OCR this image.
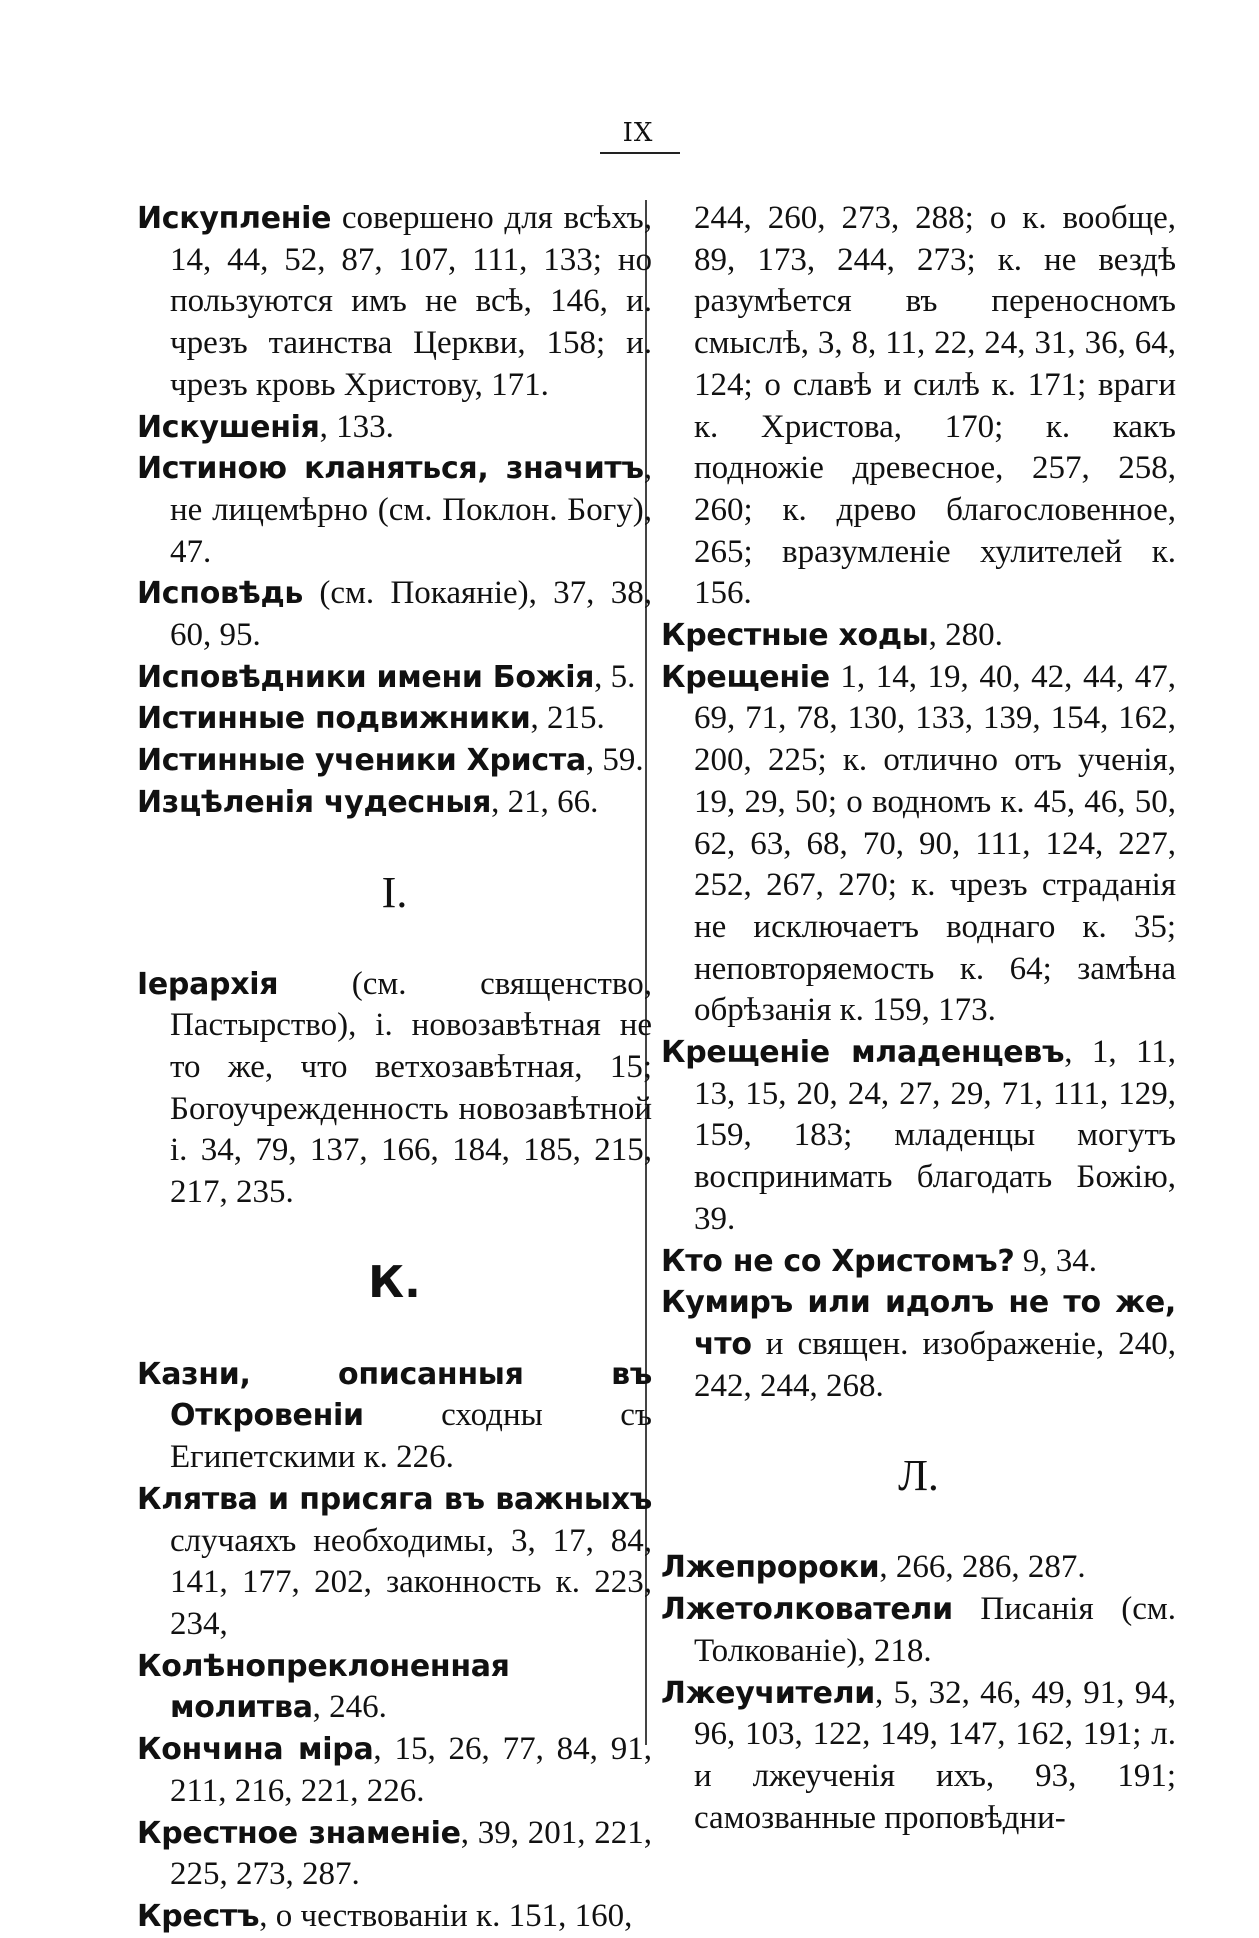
IX

Искупленіе совершено для всѣхъ, 14, 44, 52, 87, 107, 111, 133; но пользуются имъ не всѣ, 146, и. чрезъ таинства Церкви, 158; и. чрезъ кровь Христову, 171.

Искушенія, 133.

Истиною кланяться, значитъ, не лицемѣрно (см. Поклон. Богу), 47.

Исповѣдь (см. Покаяніе), 37, 38, 60, 95.

Исповѣдники имени Божія, 5.

Истинные подвижники, 215.

Истинные ученики Христа, 59.

Изцѣленія чудесныя, 21, 66.

I.

Іерархія (см. священство, Пастырство), і. новозавѣтная не то же, что ветхозавѣтная, 15; Богоучрежденность новозавѣтной і. 34, 79, 137, 166, 184, 185, 215, 217, 235.

К.

Казни, описанныя въ Откровеніи сходны съ Египетскими к. 226.

Клятва и присяга въ важныхъ случаяхъ необходимы, 3, 17, 84, 141, 177, 202, законность к. 223, 234,

Колѣнопреклоненная молитва, 246.

Кончина міра, 15, 26, 77, 84, 91, 211, 216, 221, 226.

Крестное знаменіе, 39, 201, 221, 225, 273, 287.

Крестъ, о чествованіи к. 151, 160,

244, 260, 273, 288; о к. вообще, 89, 173, 244, 273; к. не вездѣ разумѣется въ переносномъ смыслѣ, 3, 8, 11, 22, 24, 31, 36, 64, 124; о славѣ и силѣ к. 171; враги к. Христова, 170; к. какъ подножіе древесное, 257, 258, 260; к. древо благословенное, 265; вразумленіе хулителей к. 156.

Крестные ходы, 280.

Крещеніе 1, 14, 19, 40, 42, 44, 47, 69, 71, 78, 130, 133, 139, 154, 162, 200, 225; к. отлично отъ ученія, 19, 29, 50; о водномъ к. 45, 46, 50, 62, 63, 68, 70, 90, 111, 124, 227, 252, 267, 270; к. чрезъ страданія не исключаетъ воднаго к. 35; неповторяемость к. 64; замѣна обрѣзанія к. 159, 173.

Крещеніе младенцевъ, 1, 11, 13, 15, 20, 24, 27, 29, 71, 111, 129, 159, 183; младенцы могутъ воспринимать благодать Божію, 39.

Кто не со Христомъ? 9, 34.

Кумиръ или идолъ не то же, что и священ. изображеніе, 240, 242, 244, 268.

Л.

Лжепророки, 266, 286, 287.

Лжетолкователи Писанія (см. Толкованіе), 218.

Лжеучители, 5, 32, 46, 49, 91, 94, 96, 103, 122, 149, 147, 162, 191; л. и лжеученія ихъ, 93, 191; самозванные проповѣдни-
